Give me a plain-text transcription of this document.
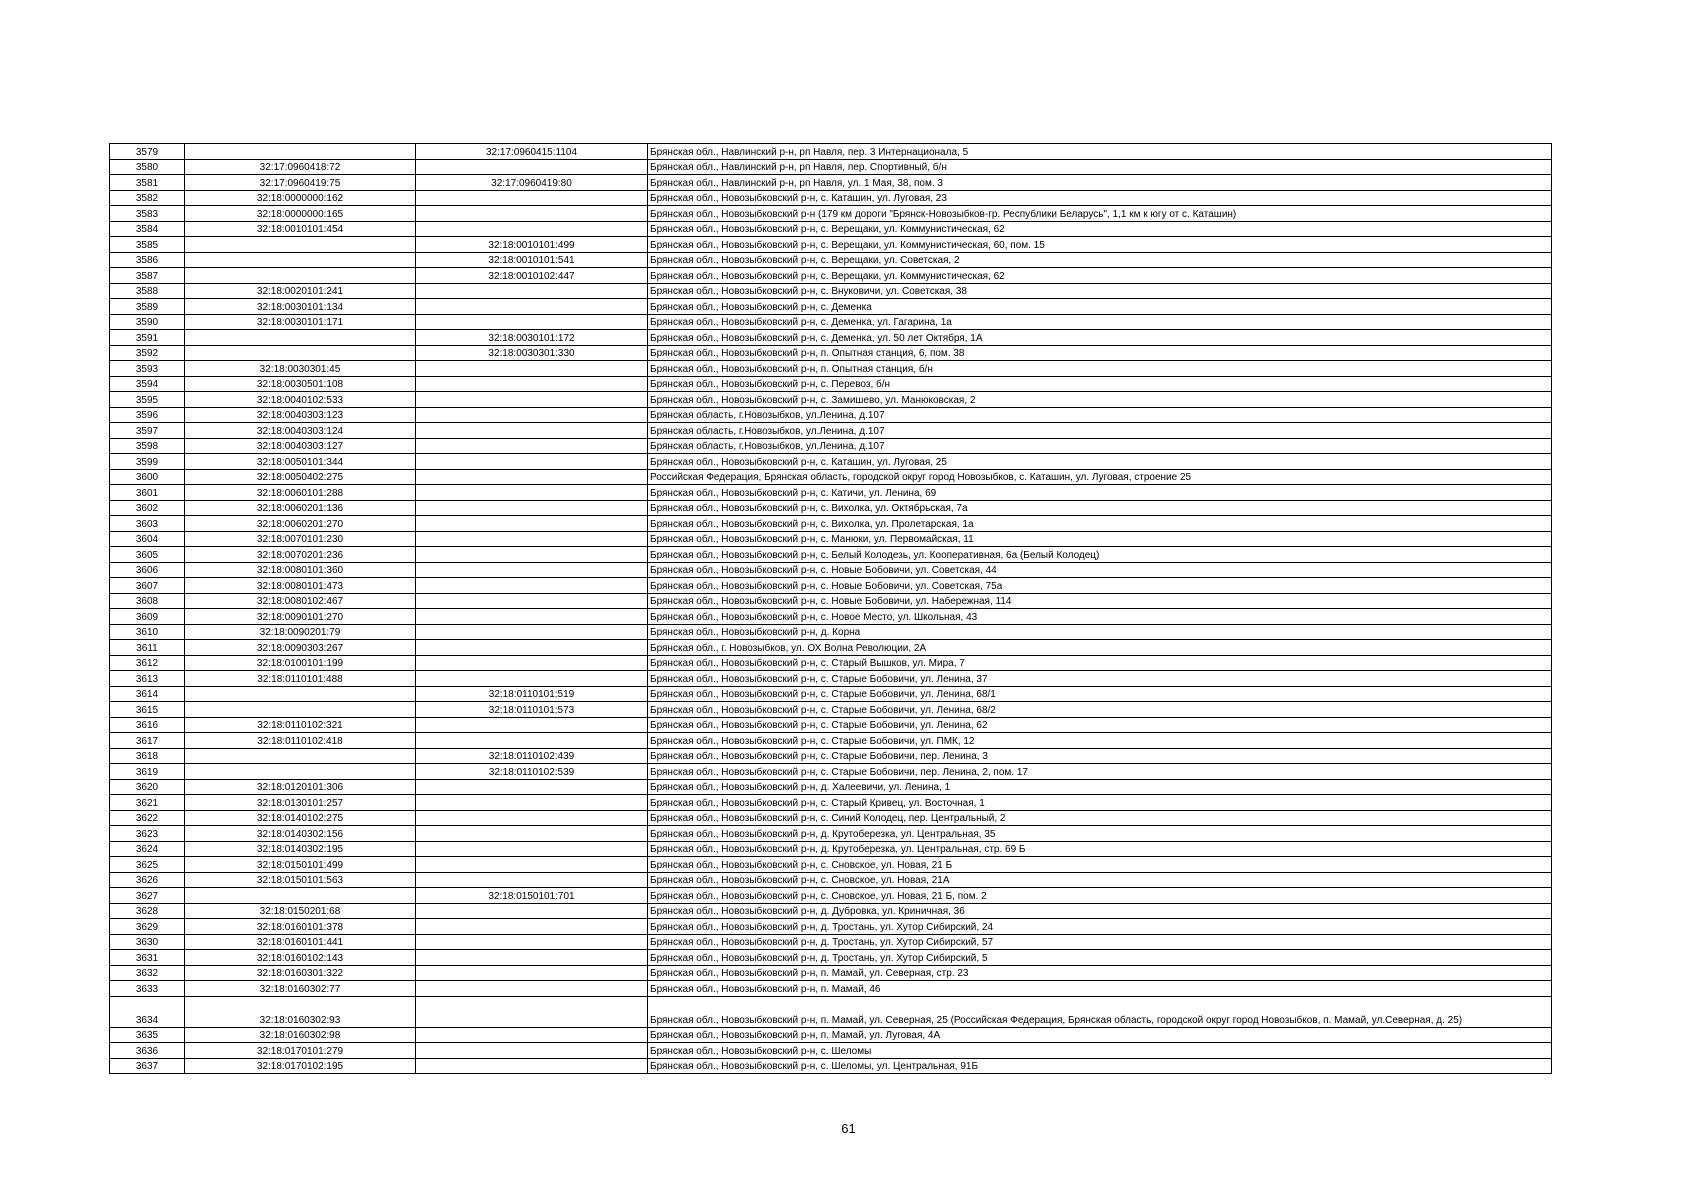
3579		32:17:0960415:1104	Брянская обл., Навлинский р-н, рп Навля, пер. 3 Интернационала, 5
3580	32:17:0960418:72		Брянская обл., Навлинский р-н, рп Навля, пер. Спортивный, б/н
3581	32:17:0960419:75	32:17:0960419:80	Брянская обл., Навлинский р-н, рп Навля, ул. 1 Мая, 38, пом. 3
3582	32:18:0000000:162		Брянская обл., Новозыбковский р-н, с. Каташин, ул. Луговая, 23
3583	32:18:0000000:165		Брянская обл., Новозыбковский р-н (179 км дороги "Брянск-Новозыбков-гр. Республики Беларусь", 1,1 км к югу от с. Каташин)
3584	32:18:0010101:454		Брянская обл., Новозыбковский р-н, с. Верещаки, ул. Коммунистическая, 62
3585		32:18:0010101:499	Брянская обл., Новозыбковский р-н, с. Верещаки, ул. Коммунистическая, 60, пом. 15
3586		32:18:0010101:541	Брянская обл., Новозыбковский р-н, с. Верещаки, ул. Советская, 2
3587		32:18:0010102:447	Брянская обл., Новозыбковский р-н, с. Верещаки, ул. Коммунистическая, 62
3588	32:18:0020101:241		Брянская обл., Новозыбковский р-н, с. Внуковичи, ул. Советская, 38
3589	32:18:0030101:134		Брянская обл., Новозыбковский р-н, с. Деменка
3590	32:18:0030101:171		Брянская обл., Новозыбковский р-н, с. Деменка, ул. Гагарина, 1а
3591		32:18:0030101:172	Брянская обл., Новозыбковский р-н, с. Деменка, ул. 50 лет Октября, 1А
3592		32:18:0030301:330	Брянская обл., Новозыбковский р-н, п. Опытная станция, 6, пом. 38
3593	32:18:0030301:45		Брянская обл., Новозыбковский р-н, п. Опытная станция, б/н
3594	32:18:0030501:108		Брянская обл., Новозыбковский р-н, с. Перевоз, б/н
3595	32:18:0040102:533		Брянская обл., Новозыбковский р-н, с. Замишево, ул. Манюковская, 2
3596	32:18:0040303:123		Брянская область, г.Новозыбков, ул.Ленина, д.107
3597	32:18:0040303:124		Брянская область, г.Новозыбков, ул.Ленина, д.107
3598	32:18:0040303:127		Брянская область, г.Новозыбков, ул.Ленина, д.107
3599	32:18:0050101:344		Брянская обл., Новозыбковский р-н, с. Каташин, ул. Луговая, 25
3600	32:18:0050402:275		Российская Федерация, Брянская область, городской округ город Новозыбков, с. Каташин, ул. Луговая, строение 25
3601	32:18:0060101:288		Брянская обл., Новозыбковский р-н, с. Катичи, ул. Ленина, 69
3602	32:18:0060201:136		Брянская обл., Новозыбковский р-н, с. Вихолка, ул. Октябрьская, 7а
3603	32:18:0060201:270		Брянская обл., Новозыбковский р-н, с. Вихолка, ул. Пролетарская, 1а
3604	32:18:0070101:230		Брянская обл., Новозыбковский р-н, с. Манюки, ул. Первомайская, 11
3605	32:18:0070201:236		Брянская обл., Новозыбковский р-н, с. Белый Колодезь, ул. Кооперативная, 6а (Белый Колодец)
3606	32:18:0080101:360		Брянская обл., Новозыбковский р-н, с. Новые Бобовичи, ул. Советская, 44
3607	32:18:0080101:473		Брянская обл., Новозыбковский р-н, с. Новые Бобовичи, ул. Советская, 75а
3608	32:18:0080102:467		Брянская обл., Новозыбковский р-н, с. Новые Бобовичи, ул. Набережная, 114
3609	32:18:0090101:270		Брянская обл., Новозыбковский р-н, с. Новое Место, ул. Школьная, 43
3610	32:18:0090201:79		Брянская обл., Новозыбковский р-н, д. Корна
3611	32:18:0090303:267		Брянская обл., г. Новозыбков, ул. ОХ Волна Революции, 2А
3612	32:18:0100101:199		Брянская обл., Новозыбковский р-н, с. Старый Вышков, ул. Мира, 7
3613	32:18:0110101:488		Брянская обл., Новозыбковский р-н, с. Старые Бобовичи, ул. Ленина, 37
3614		32:18:0110101:519	Брянская обл., Новозыбковский р-н, с. Старые Бобовичи, ул. Ленина, 68/1
3615		32:18:0110101:573	Брянская обл., Новозыбковский р-н, с. Старые Бобовичи, ул. Ленина, 68/2
3616	32:18:0110102:321		Брянская обл., Новозыбковский р-н, с. Старые Бобовичи, ул. Ленина, 62
3617	32:18:0110102:418		Брянская обл., Новозыбковский р-н, с. Старые Бобовичи, ул. ПМК, 12
3618		32:18:0110102:439	Брянская обл., Новозыбковский р-н, с. Старые Бобовичи, пер. Ленина, 3
3619		32:18:0110102:539	Брянская обл., Новозыбковский р-н, с. Старые Бобовичи, пер. Ленина, 2, пом. 17
3620	32:18:0120101:306		Брянская обл., Новозыбковский р-н, д. Халеевичи, ул. Ленина, 1
3621	32:18:0130101:257		Брянская обл., Новозыбковский р-н, с. Старый Кривец, ул. Восточная, 1
3622	32:18:0140102:275		Брянская обл., Новозыбковский р-н, с. Синий Колодец, пер. Центральный, 2
3623	32:18:0140302:156		Брянская обл., Новозыбковский р-н, д. Крутоберезка, ул. Центральная, 35
3624	32:18:0140302:195		Брянская обл., Новозыбковский р-н, д. Крутоберезка, ул. Центральная, стр. 69 Б
3625	32:18:0150101:499		Брянская обл., Новозыбковский р-н, с. Сновское, ул. Новая, 21 Б
3626	32:18:0150101:563		Брянская обл., Новозыбковский р-н, с. Сновское, ул. Новая, 21А
3627		32:18:0150101:701	Брянская обл., Новозыбковский р-н, с. Сновское, ул. Новая, 21 Б, пом. 2
3628	32:18:0150201:68		Брянская обл., Новозыбковский р-н, д. Дубровка, ул. Криничная, 36
3629	32:18:0160101:378		Брянская обл., Новозыбковский р-н, д. Тростань, ул. Хутор Сибирский, 24
3630	32:18:0160101:441		Брянская обл., Новозыбковский р-н, д. Тростань, ул. Хутор Сибирский, 57
3631	32:18:0160102:143		Брянская обл., Новозыбковский р-н, д. Тростань, ул. Хутор Сибирский, 5
3632	32:18:0160301:322		Брянская обл., Новозыбковский р-н, п. Мамай, ул. Северная, стр. 23
3633	32:18:0160302:77		Брянская обл., Новозыбковский р-н, п. Мамай, 46
3634	32:18:0160302:93		Брянская обл., Новозыбковский р-н, п. Мамай, ул. Северная, 25 (Российская Федерация, Брянская область, городской округ город Новозыбков, п. Мамай, ул.Северная, д. 25)
3635	32:18:0160302:98		Брянская обл., Новозыбковский р-н, п. Мамай, ул. Луговая, 4А
3636	32:18:0170101:279		Брянская обл., Новозыбковский р-н, с. Шеломы
3637	32:18:0170102:195		Брянская обл., Новозыбковский р-н, с. Шеломы, ул. Центральная, 91Б
61
